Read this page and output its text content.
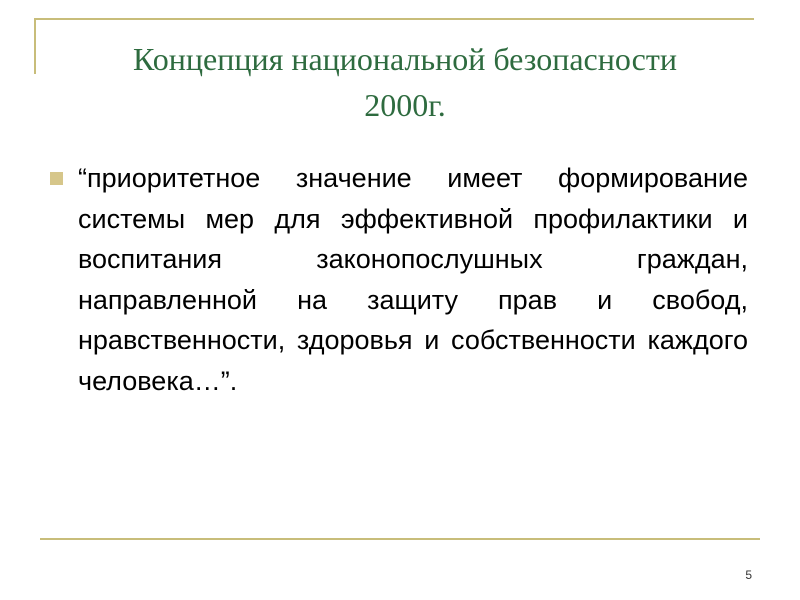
Концепция национальной безопасности 2000г.

“приоритетное значение имеет формирование системы мер для эффективной профилактики и воспитания законопослушных граждан, направленной на защиту прав и свобод, нравственности, здоровья и собственности каждого человека…”.

5
